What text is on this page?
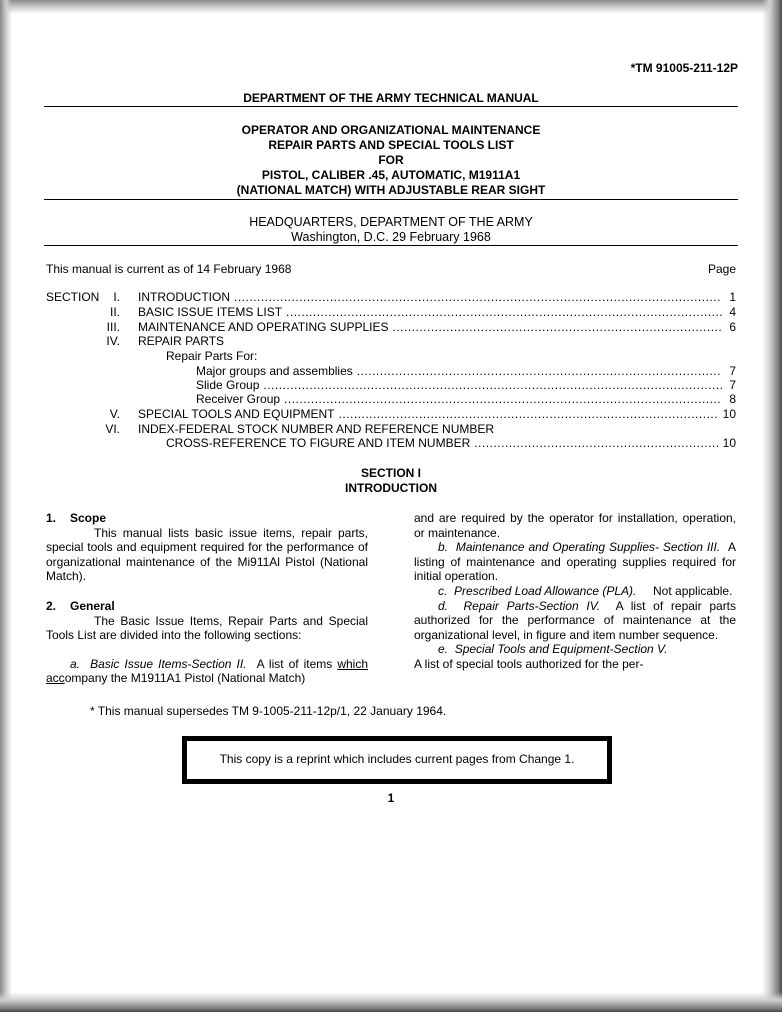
*TM 91005-211-12P
DEPARTMENT OF THE ARMY TECHNICAL MANUAL
OPERATOR AND ORGANIZATIONAL MAINTENANCE
REPAIR PARTS AND SPECIAL TOOLS LIST
FOR
PISTOL, CALIBER .45, AUTOMATIC, M1911A1
(NATIONAL MATCH) WITH ADJUSTABLE REAR SIGHT
HEADQUARTERS, DEPARTMENT OF THE ARMY
Washington, D.C. 29 February 1968
This manual is current as of 14 February 1968	Page
SECTION	I. INTRODUCTION .....	1
II. BASIC ISSUE ITEMS LIST .....	4
III. MAINTENANCE AND OPERATING SUPPLIES .....	6
IV. REPAIR PARTS
Repair Parts For:
Major groups and assemblies .....	7
Slide Group .....	7
Receiver Group .....	8
V. SPECIAL TOOLS AND EQUIPMENT .....	10
VI. INDEX-FEDERAL STOCK NUMBER AND REFERENCE NUMBER
CROSS-REFERENCE TO FIGURE AND ITEM NUMBER .....	10
SECTION I
INTRODUCTION
1. Scope

This manual lists basic issue items, repair parts, special tools and equipment required for the performance of organizational maintenance of the Mi911Al Pistol (National Match).

2. General

The Basic Issue Items, Repair Parts and Special Tools List are divided into the following sections:

a. Basic Issue Items-Section II. A list of items which accompany the M1911A1 Pistol (National Match)

and are required by the operator for installation, operation, or maintenance.

b. Maintenance and Operating Supplies- Section III. A listing of maintenance and operating supplies required for initial operation.

c. Prescribed Load Allowance (PLA). Not applicable.

d. Repair Parts-Section IV. A list of repair parts authorized for the performance of maintenance at the organizational level, in figure and item number sequence.

e. Special Tools and Equipment-Section V.

A list of special tools authorized for the per-

* This manual supersedes TM 9-1005-211-12p/1, 22 January 1964.
This copy is a reprint which includes current pages from Change 1.
1
